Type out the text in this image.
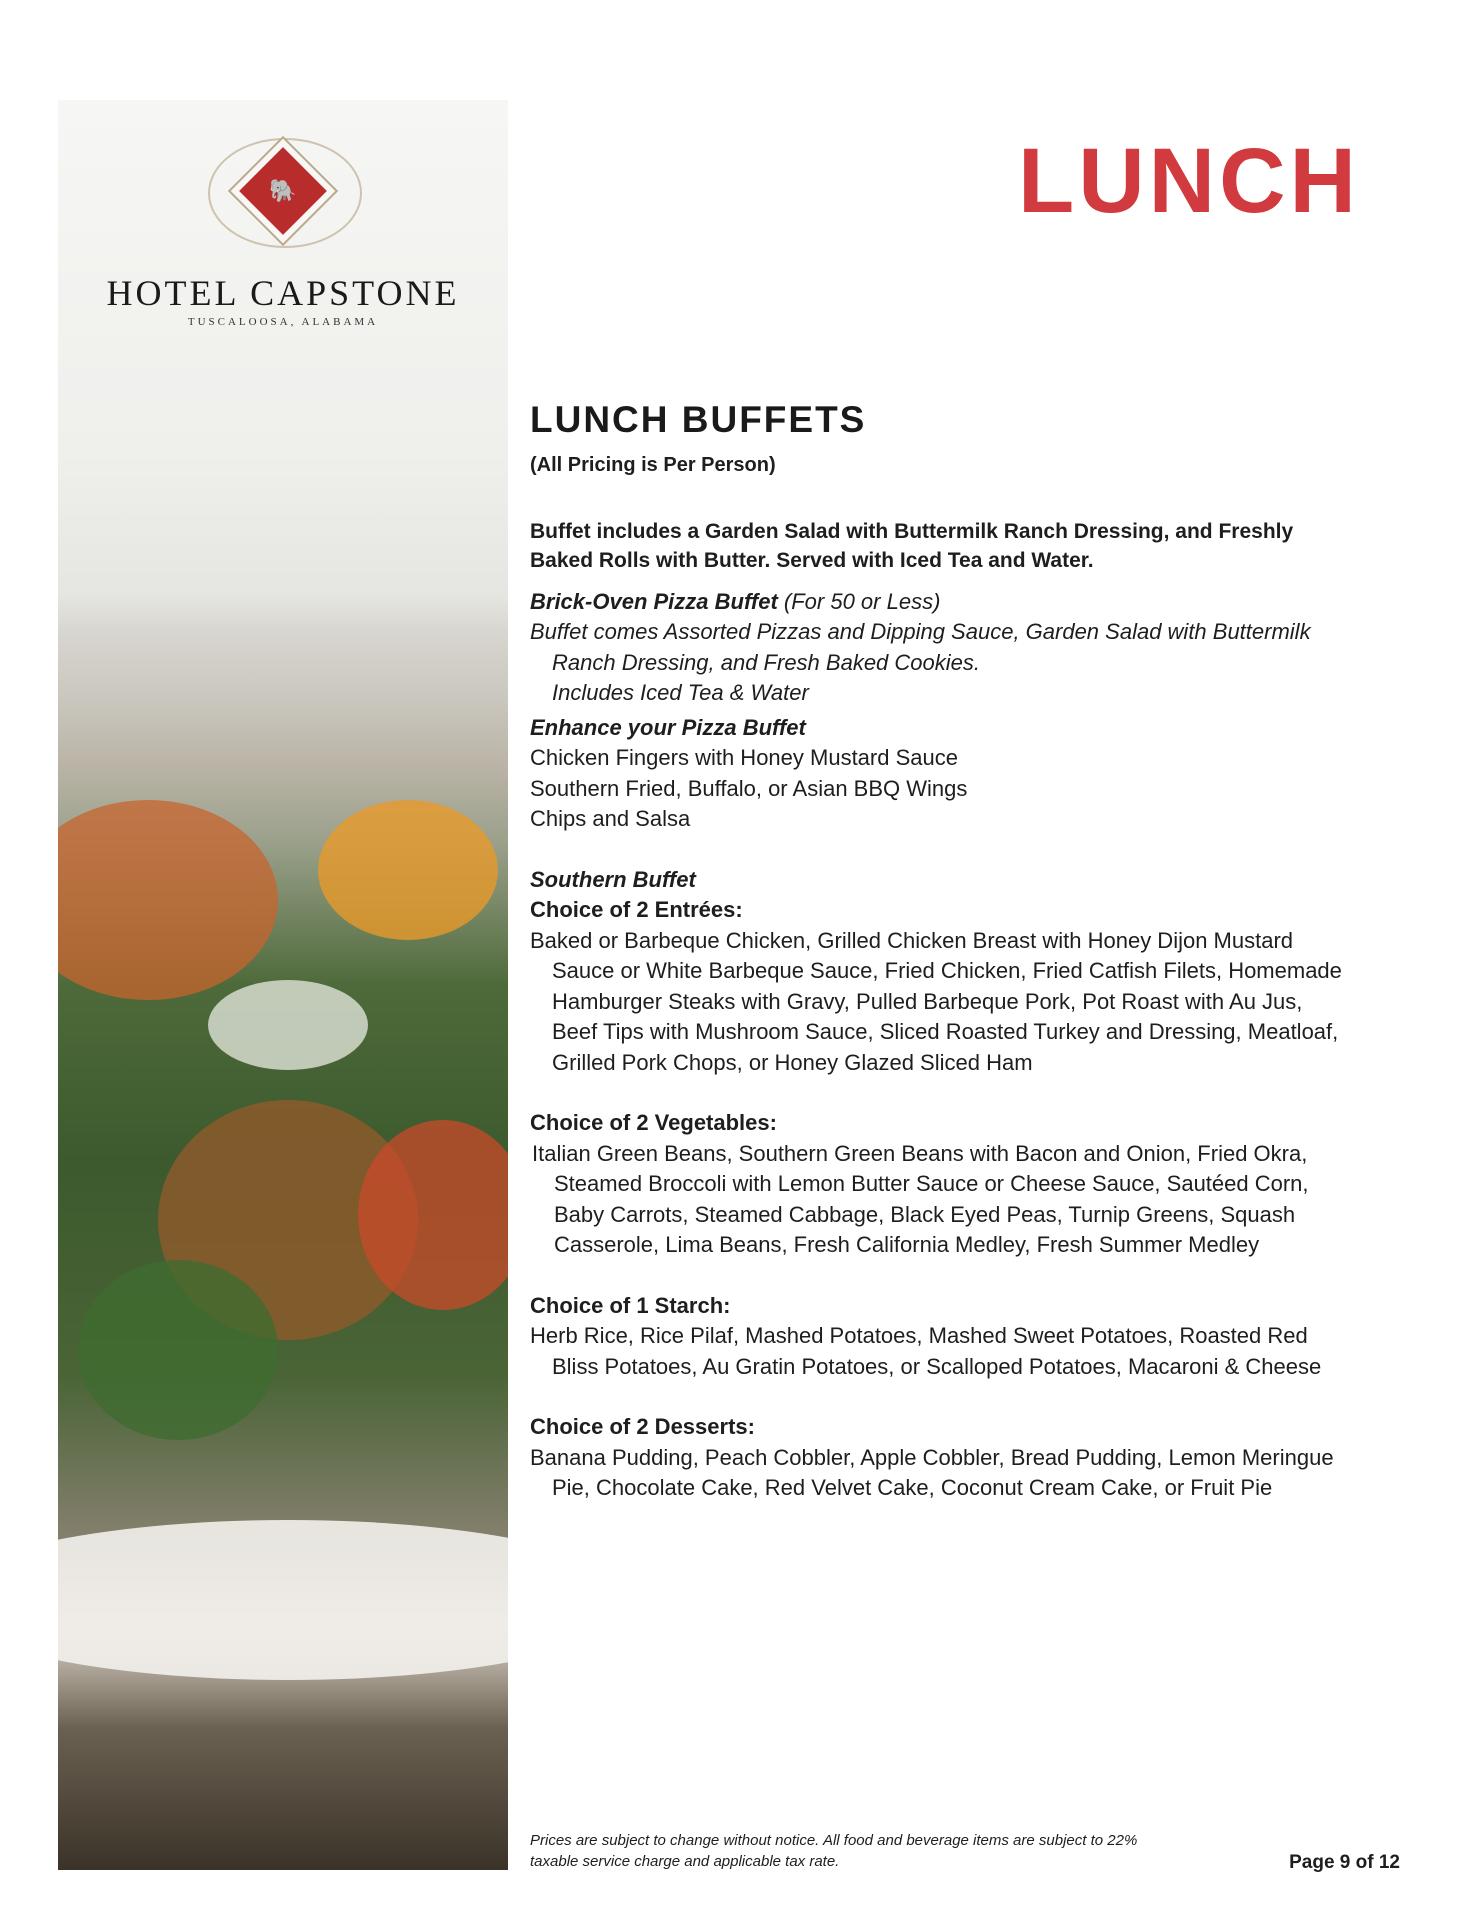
🐘
HOTEL CAPSTONE
TUSCALOOSA, ALABAMA
LUNCH
LUNCH BUFFETS
(All Pricing is Per Person)
Buffet includes a Garden Salad with Buttermilk Ranch Dressing, and Freshly Baked Rolls with Butter. Served with Iced Tea and Water.
Brick-Oven Pizza Buffet (For 50 or Less)
Buffet comes Assorted Pizzas and Dipping Sauce, Garden Salad with Buttermilk Ranch Dressing, and Fresh Baked Cookies.
Includes Iced Tea & Water
Enhance your Pizza Buffet
Chicken Fingers with Honey Mustard Sauce
Southern Fried, Buffalo, or Asian BBQ Wings
Chips and Salsa
Southern Buffet
Choice of 2 Entrées:
Baked or Barbeque Chicken, Grilled Chicken Breast with Honey Dijon Mustard Sauce or White Barbeque Sauce, Fried Chicken, Fried Catfish Filets, Homemade Hamburger Steaks with Gravy, Pulled Barbeque Pork, Pot Roast with Au Jus, Beef Tips with Mushroom Sauce, Sliced Roasted Turkey and Dressing, Meatloaf, Grilled Pork Chops, or Honey Glazed Sliced Ham
Choice of 2 Vegetables:
Italian Green Beans, Southern Green Beans with Bacon and Onion, Fried Okra, Steamed Broccoli with Lemon Butter Sauce or Cheese Sauce, Sautéed Corn, Baby Carrots, Steamed Cabbage, Black Eyed Peas, Turnip Greens, Squash Casserole, Lima Beans, Fresh California Medley, Fresh Summer Medley
Choice of 1 Starch:
Herb Rice, Rice Pilaf, Mashed Potatoes, Mashed Sweet Potatoes, Roasted Red Bliss Potatoes, Au Gratin Potatoes, or Scalloped Potatoes, Macaroni & Cheese
Choice of 2 Desserts:
Banana Pudding, Peach Cobbler, Apple Cobbler, Bread Pudding, Lemon Meringue Pie, Chocolate Cake, Red Velvet Cake, Coconut Cream Cake, or Fruit Pie
Prices are subject to change without notice. All food and beverage items are subject to 22% taxable service charge and applicable tax rate.	Page 9 of 12
